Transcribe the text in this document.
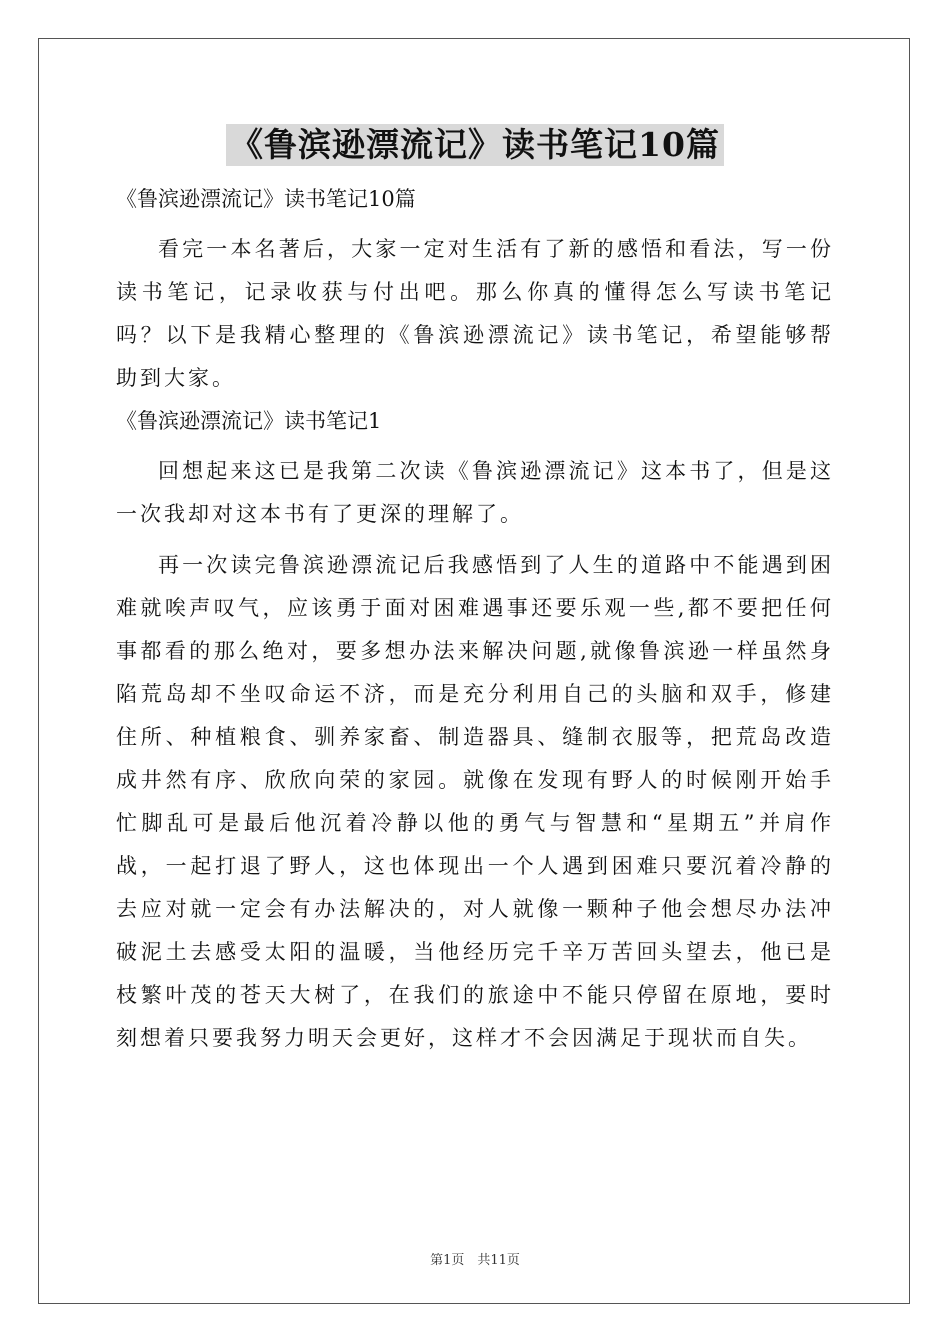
《鲁滨逊漂流记》读书笔记10篇

《鲁滨逊漂流记》读书笔记10篇

看完一本名著后，大家一定对生活有了新的感悟和看法，写一份读书笔记，记录收获与付出吧。那么你真的懂得怎么写读书笔记吗？以下是我精心整理的《鲁滨逊漂流记》读书笔记，希望能够帮助到大家。

《鲁滨逊漂流记》读书笔记1

回想起来这已是我第二次读《鲁滨逊漂流记》这本书了，但是这一次我却对这本书有了更深的理解了。

再一次读完鲁滨逊漂流记后我感悟到了人生的道路中不能遇到困难就唉声叹气，应该勇于面对困难遇事还要乐观一些,都不要把任何事都看的那么绝对，要多想办法来解决问题,就像鲁滨逊一样虽然身陷荒岛却不坐叹命运不济，而是充分利用自己的头脑和双手，修建住所、种植粮食、驯养家畜、制造器具、缝制衣服等，把荒岛改造成井然有序、欣欣向荣的家园。就像在发现有野人的时候刚开始手忙脚乱可是最后他沉着冷静以他的勇气与智慧和“星期五”并肩作战，一起打退了野人，这也体现出一个人遇到困难只要沉着冷静的去应对就一定会有办法解决的，对人就像一颗种子他会想尽办法冲破泥土去感受太阳的温暖，当他经历完千辛万苦回头望去，他已是枝繁叶茂的苍天大树了，在我们的旅途中不能只停留在原地，要时刻想着只要我努力明天会更好，这样才不会因满足于现状而自失。

第1页　共11页
